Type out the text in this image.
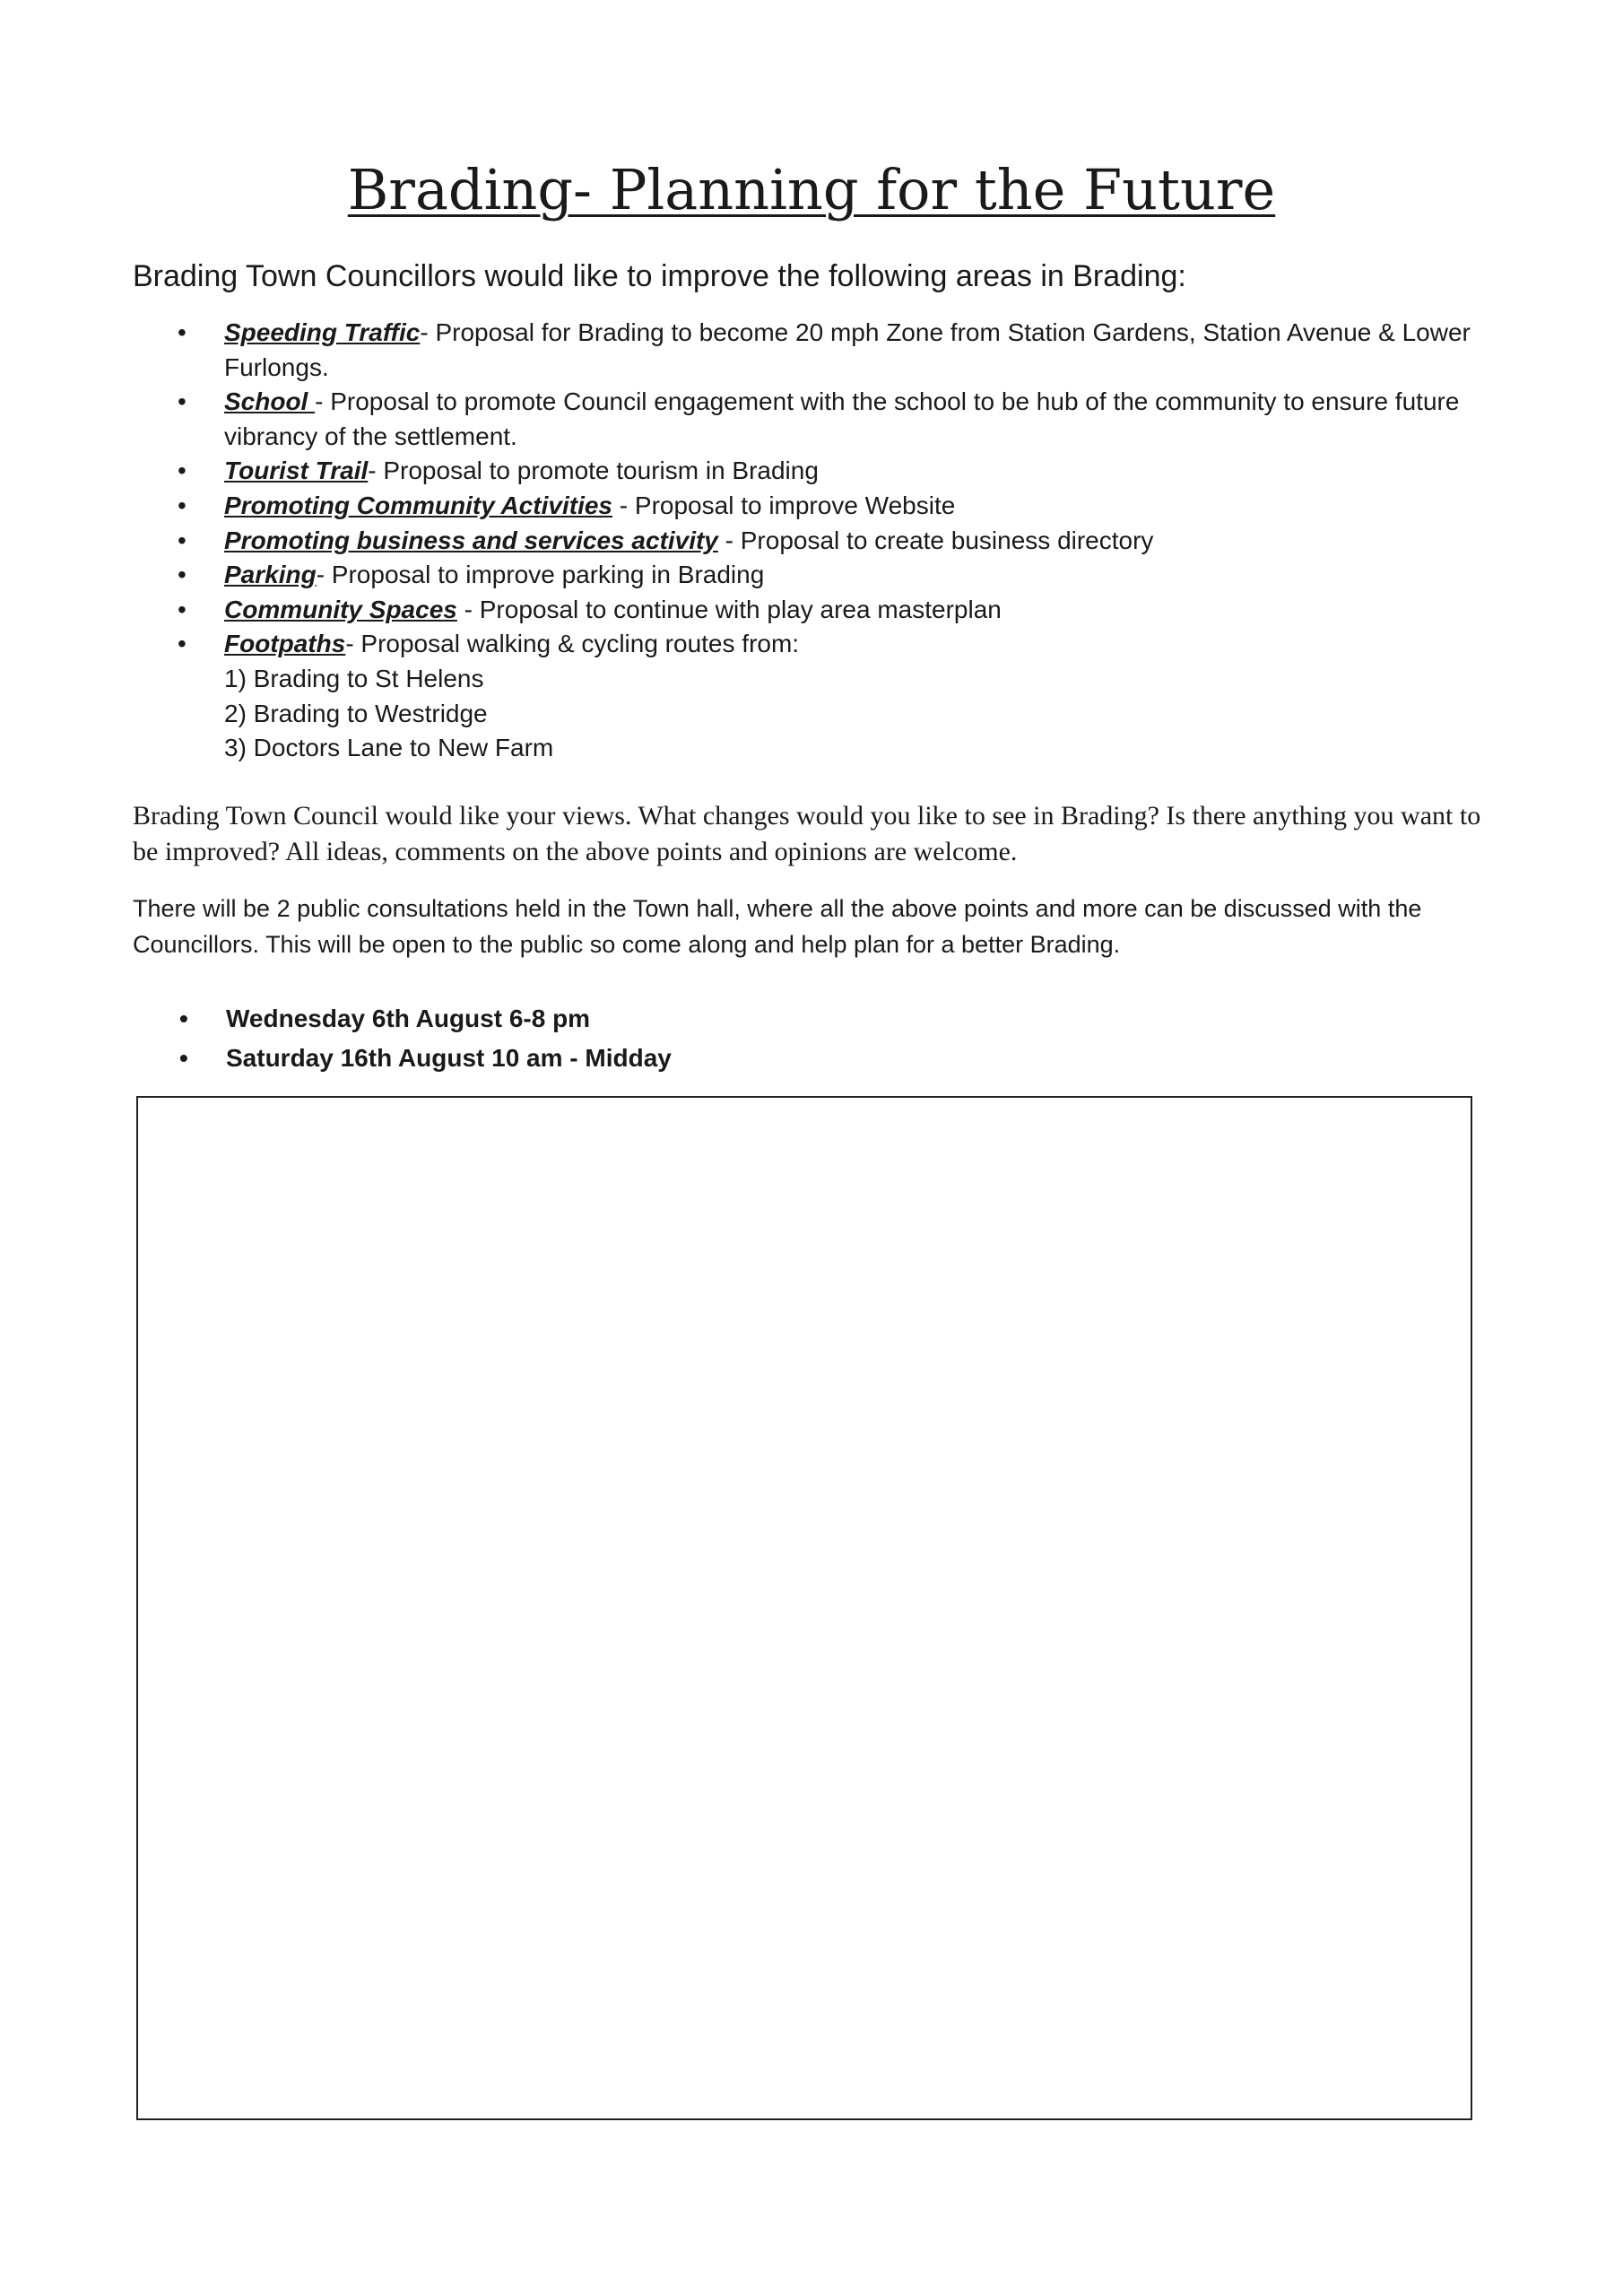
Brading- Planning for the Future

Brading Town Councillors would like to improve the following areas in Brading:

• Speeding Traffic- Proposal for Brading to become 20 mph Zone from Station Gardens, Station Avenue & Lower Furlongs.
• School - Proposal to promote Council engagement with the school to be hub of the community to ensure future vibrancy of the settlement.
• Tourist Trail- Proposal to promote tourism in Brading
• Promoting Community Activities - Proposal to improve Website
• Promoting business and services activity - Proposal to create business directory
• Parking- Proposal to improve parking in Brading
• Community Spaces - Proposal to continue with play area masterplan
• Footpaths- Proposal walking & cycling routes from:
1) Brading to St Helens
2) Brading to Westridge
3) Doctors Lane to New Farm

Brading Town Council would like your views. What changes would you like to see in Brading? Is there anything you want to be improved? All ideas, comments on the above points and opinions are welcome.

There will be 2 public consultations held in the Town hall, where all the above points and more can be discussed with the Councillors. This will be open to the public so come along and help plan for a better Brading.

• Wednesday 6th August 6-8 pm
• Saturday 16th August 10 am - Midday
